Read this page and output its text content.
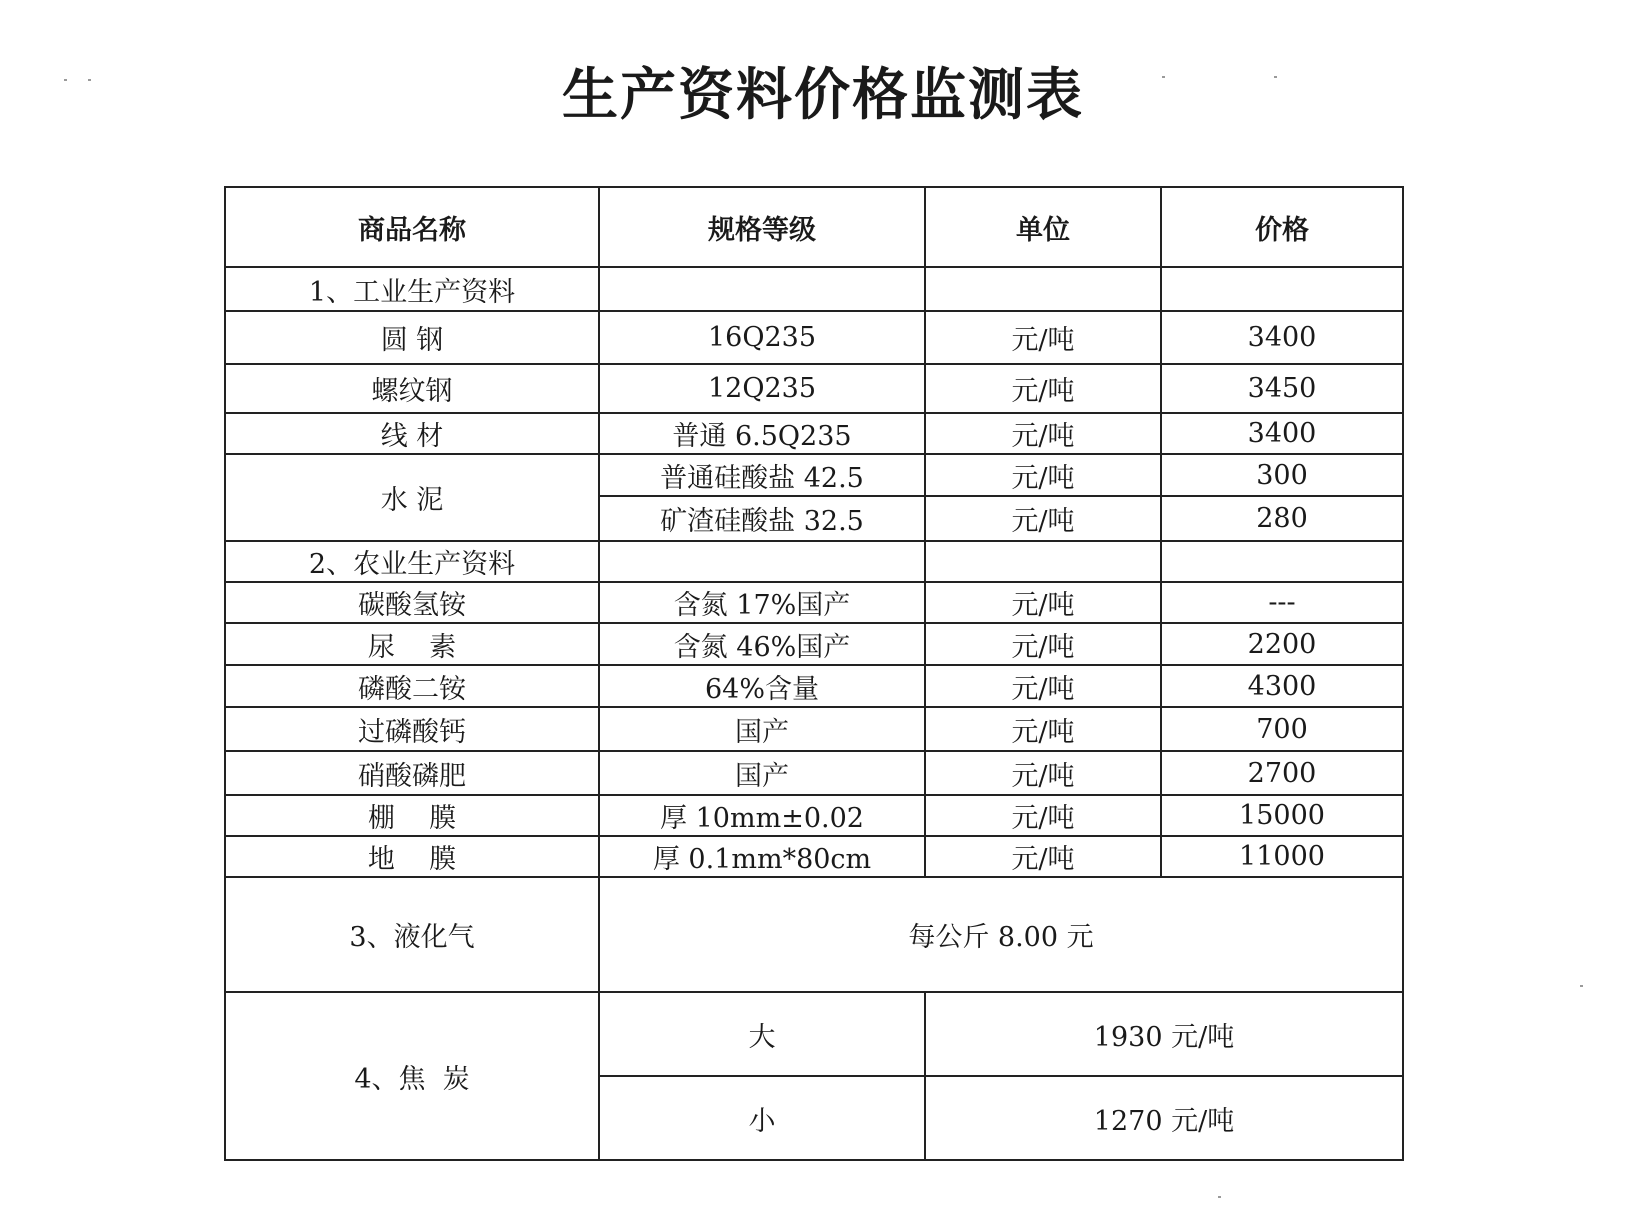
生产资料价格监测表
商品名称	规格等级	单位	价格
1、工业生产资料			
圆 钢	16Q235	元/吨	3400
螺纹钢	12Q235	元/吨	3450
线 材	普通 6.5Q235	元/吨	3400
水 泥	普通硅酸盐 42.5	元/吨	300
	矿渣硅酸盐 32.5	元/吨	280
2、农业生产资料			
碳酸氢铵	含氮 17%国产	元/吨	---
尿    素	含氮 46%国产	元/吨	2200
磷酸二铵	64%含量	元/吨	4300
过磷酸钙	国产	元/吨	700
硝酸磷肥	国产	元/吨	2700
棚    膜	厚 10mm±0.02	元/吨	15000
地    膜	厚 0.1mm*80cm	元/吨	11000
3、液化气	每公斤 8.00 元		
4、焦  炭	大	1930 元/吨	
	小	1270 元/吨	
